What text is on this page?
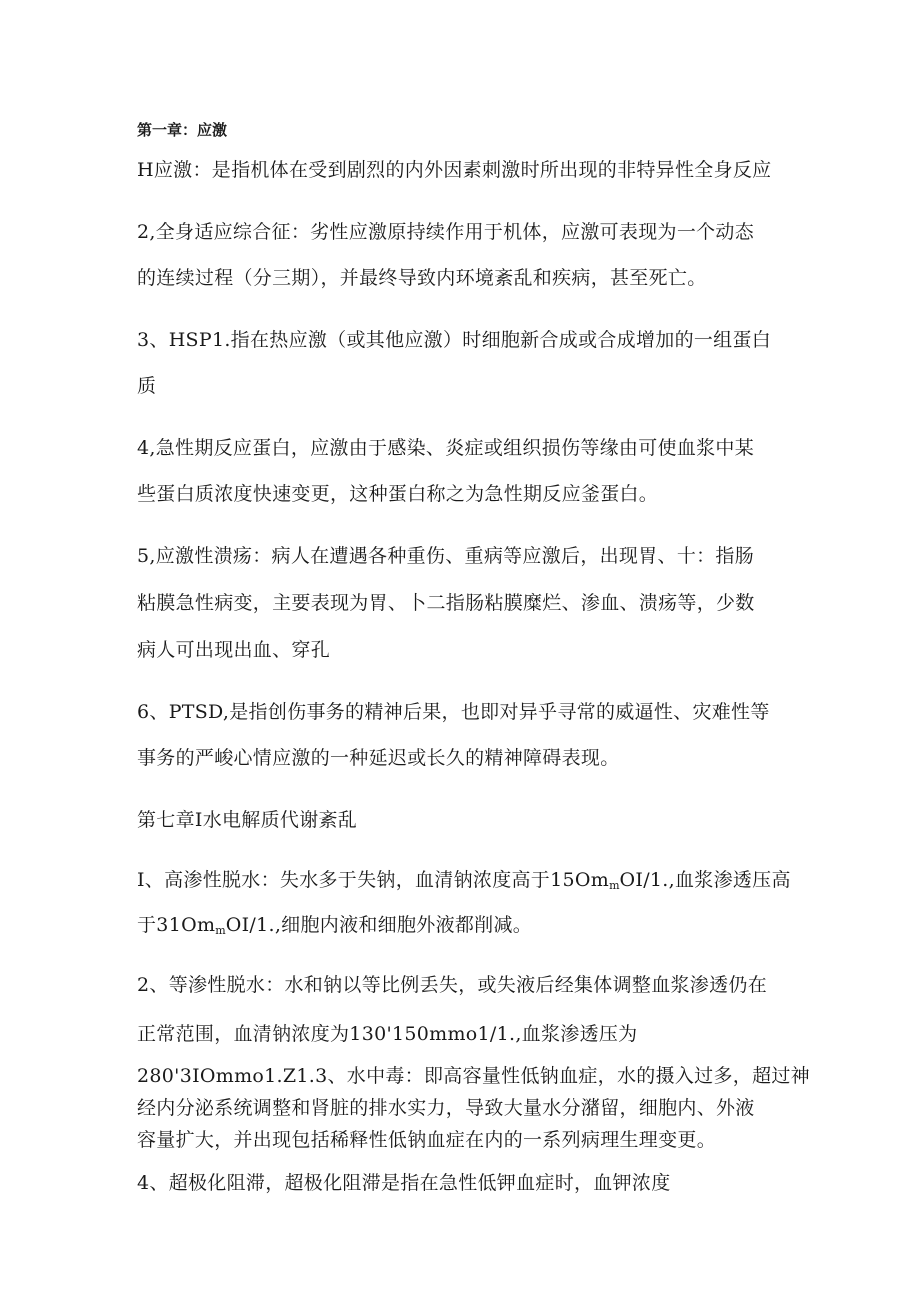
第一章：应激
H应激：是指机体在受到剧烈的内外因素刺激时所出现的非特异性全身反应
2,全身适应综合征：劣性应激原持续作用于机体，应激可表现为一个动态
的连续过程（分三期），并最终导致内环境紊乱和疾病，甚至死亡。
3、HSP1.指在热应激（或其他应激）时细胞新合成或合成增加的一组蛋白
质
4,急性期反应蛋白，应激由于感染、炎症或组织损伤等缘由可使血浆中某
些蛋白质浓度快速变更，这种蛋白称之为急性期反应釜蛋白。
5,应激性溃疡：病人在遭遇各种重伤、重病等应激后，出现胃、十：指肠
粘膜急性病变，主要表现为胃、卜二指肠粘膜糜烂、渗血、溃疡等，少数
病人可出现出血、穿孔
6、PTSD,是指创伤事务的精神后果，也即对异乎寻常的威逼性、灾难性等
事务的严峻心情应激的一种延迟或长久的精神障碍表现。
第七章I水电解质代谢紊乱
I、高渗性脱水：失水多于失钠，血清钠浓度高于$15Om_mOI/1$.,血浆渗透压高
于$31Om_mOI/1$.,细胞内液和细胞外液都削减。
2、等渗性脱水：水和钠以等比例丢失，或失液后经集体调整血浆渗透仍在
正常范围，血清钠浓度为130'150mmo1/1.,血浆渗透压为
280'3IOmmo1.Z1.3、水中毒：即高容量性低钠血症，水的摄入过多，超过神
经内分泌系统调整和肾脏的排水实力，导致大量水分潴留，细胞内、外液
容量扩大，并出现包括稀释性低钠血症在内的一系列病理生理变更。
4、超极化阻滞，超极化阻滞是指在急性低钾血症时，血钾浓度
